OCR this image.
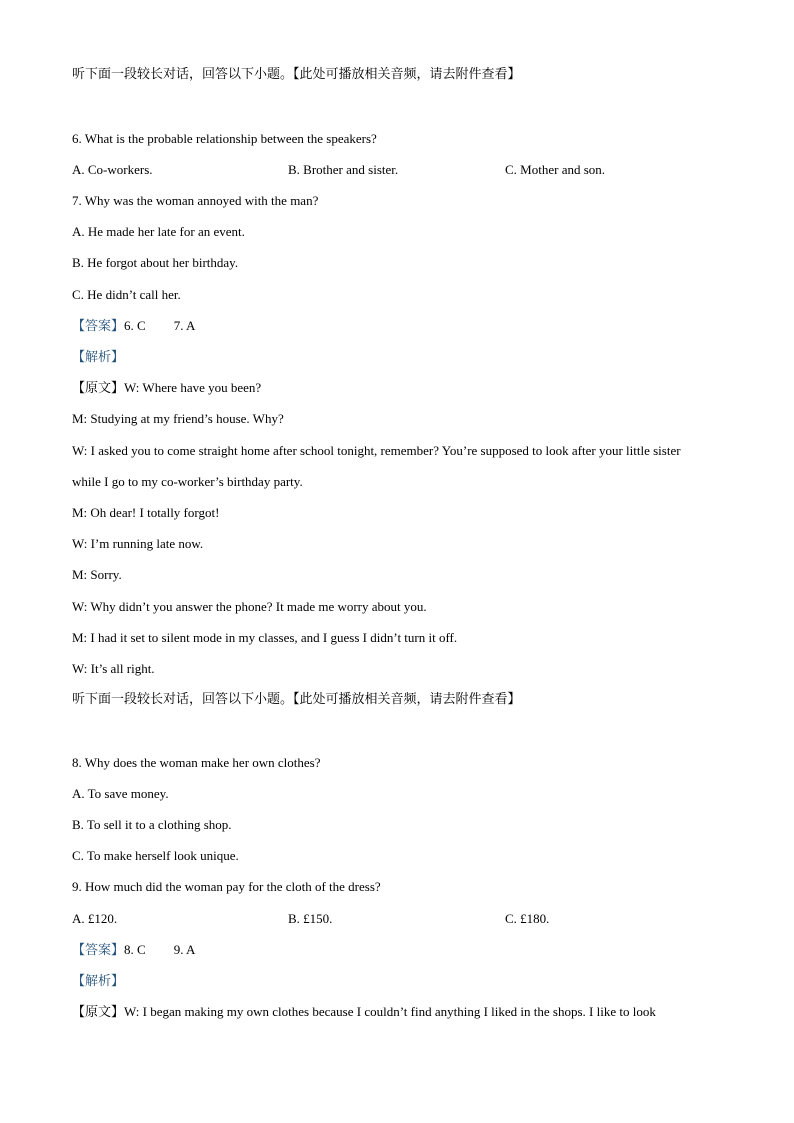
听下面一段较长对话，回答以下小题。【此处可播放相关音频，请去附件查看】
6. What is the probable relationship between the speakers?
A. Co-workers.	B. Brother and sister.	C. Mother and son.
7. Why was the woman annoyed with the man?
A. He made her late for an event.
B. He forgot about her birthday.
C. He didn’t call her.
【答案】6. C 7. A
【解析】
【原文】W: Where have you been?
M: Studying at my friend’s house. Why?
W: I asked you to come straight home after school tonight, remember? You’re supposed to look after your little sister
while I go to my co-worker’s birthday party.
M: Oh dear! I totally forgot!
W: I’m running late now.
M: Sorry.
W: Why didn’t you answer the phone? It made me worry about you.
M: I had it set to silent mode in my classes, and I guess I didn’t turn it off.
W: It’s all right.
听下面一段较长对话，回答以下小题。【此处可播放相关音频，请去附件查看】
8. Why does the woman make her own clothes?
A. To save money.
B. To sell it to a clothing shop.
C. To make herself look unique.
9. How much did the woman pay for the cloth of the dress?
A. £120.	B. £150.	C. £180.
【答案】8. C 9. A
【解析】
【原文】W: I began making my own clothes because I couldn’t find anything I liked in the shops. I like to look
